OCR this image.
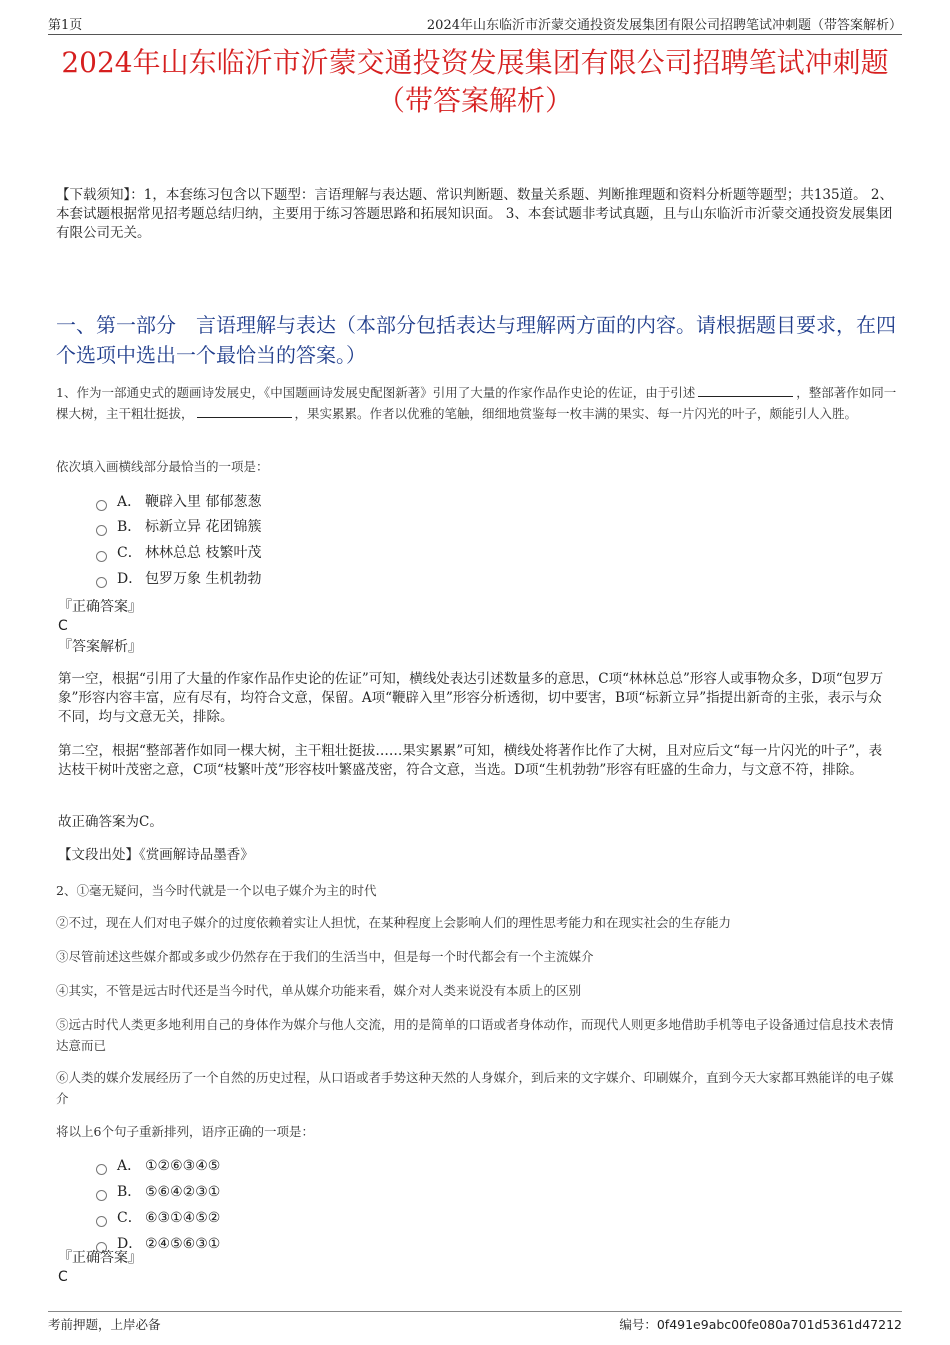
第1页	2024年山东临沂市沂蒙交通投资发展集团有限公司招聘笔试冲刺题（带答案解析）
2024年山东临沂市沂蒙交通投资发展集团有限公司招聘笔试冲刺题（带答案解析）
【下载须知】：1，本套练习包含以下题型：言语理解与表达题、常识判断题、数量关系题、判断推理题和资料分析题等题型；共135道。 2、本套试题根据常见招考题总结归纳，主要用于练习答题思路和拓展知识面。 3、本套试题非考试真题，且与山东临沂市沂蒙交通投资发展集团有限公司无关。
一、第一部分　言语理解与表达（本部分包括表达与理解两方面的内容。请根据题目要求，在四个选项中选出一个最恰当的答案。）
1、作为一部通史式的题画诗发展史，《中国题画诗发展史配图新著》引用了大量的作家作品作史论的佐证，由于引述	，整部著作如同一棵大树，主干粗壮挺拔，	，果实累累。作者以优雅的笔触，细细地赏鉴每一枚丰满的果实、每一片闪光的叶子，颇能引人入胜。
依次填入画横线部分最恰当的一项是：
A． 鞭辟入里 郁郁葱葱
B． 标新立异 花团锦簇
C． 林林总总 枝繁叶茂
D． 包罗万象 生机勃勃
『正确答案』
C
『答案解析』
第一空，根据“引用了大量的作家作品作史论的佐证”可知，横线处表达引述数量多的意思，C项“林林总总”形容人或事物众多，D项“包罗万象”形容内容丰富，应有尽有，均符合文意，保留。A项“鞭辟入里”形容分析透彻，切中要害，B项“标新立异”指提出新奇的主张，表示与众不同，均与文意无关，排除。
第二空，根据“整部著作如同一棵大树，主干粗壮挺拔……果实累累”可知，横线处将著作比作了大树，且对应后文“每一片闪光的叶子”，表达枝干树叶茂密之意，C项“枝繁叶茂”形容枝叶繁盛茂密，符合文意，当选。D项“生机勃勃”形容有旺盛的生命力，与文意不符，排除。
故正确答案为C。
【文段出处】《赏画解诗品墨香》
2、①毫无疑问，当今时代就是一个以电子媒介为主的时代
②不过，现在人们对电子媒介的过度依赖着实让人担忧，在某种程度上会影响人们的理性思考能力和在现实社会的生存能力
③尽管前述这些媒介都或多或少仍然存在于我们的生活当中，但是每一个时代都会有一个主流媒介
④其实，不管是远古时代还是当今时代，单从媒介功能来看，媒介对人类来说没有本质上的区别
⑤远古时代人类更多地利用自己的身体作为媒介与他人交流，用的是简单的口语或者身体动作，而现代人则更多地借助手机等电子设备通过信息技术表情达意而已
⑥人类的媒介发展经历了一个自然的历史过程，从口语或者手势这种天然的人身媒介，到后来的文字媒介、印刷媒介，直到今天大家都耳熟能详的电子媒介
将以上6个句子重新排列，语序正确的一项是：
A． ①②⑥③④⑤
B． ⑤⑥④②③①
C． ⑥③①④⑤②
D． ②④⑤⑥③①
『正确答案』
C
考前押题，上岸必备	编号：0f491e9abc00fe080a701d5361d47212
